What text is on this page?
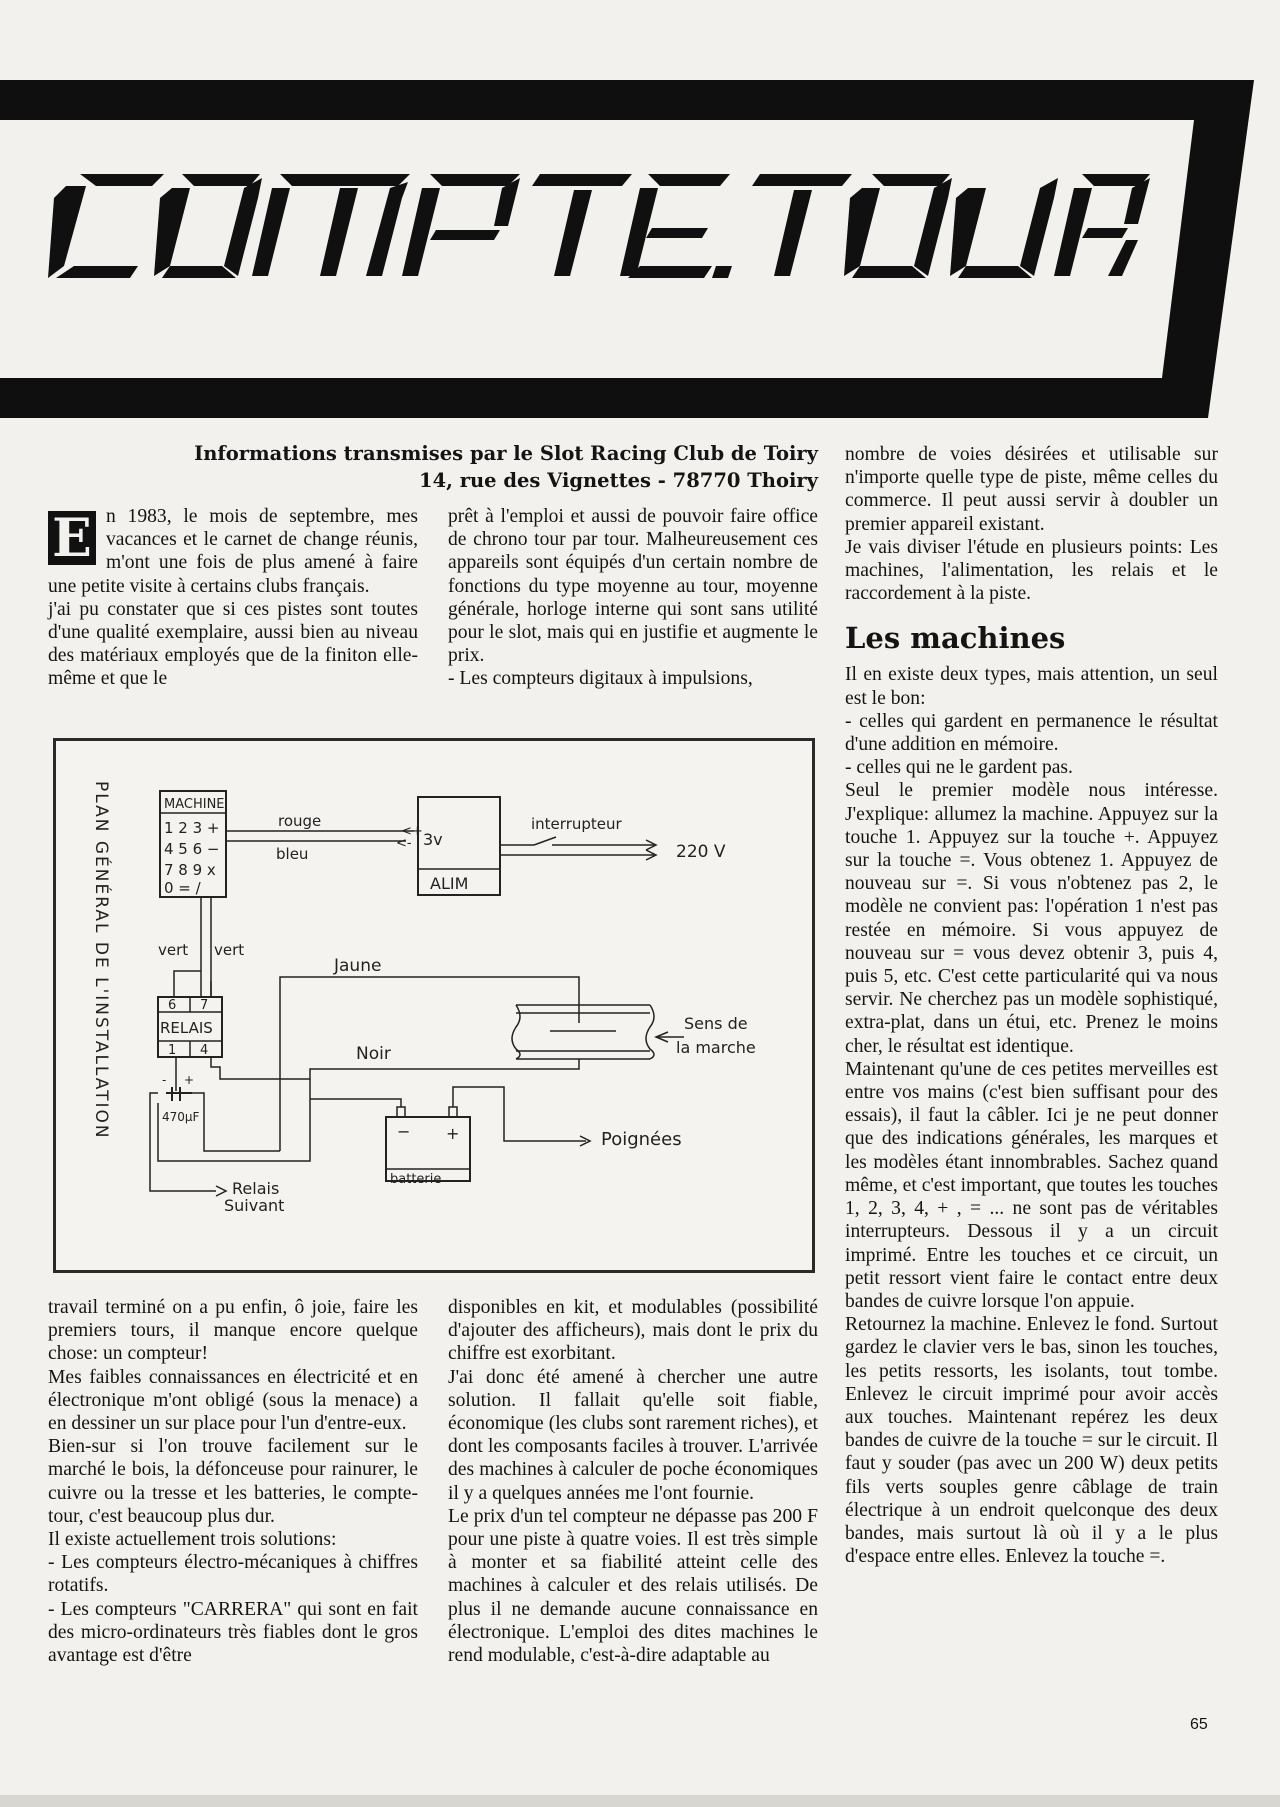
Informations transmises par le Slot Racing Club de Toiry
14, rue des Vignettes - 78770 Thoiry
E n 1983, le mois de septembre, mes vacances et le carnet de change réunis, m'ont une fois de plus amené à faire une petite visite à certains clubs français.

j'ai pu constater que si ces pistes sont toutes d'une qualité exemplaire, aussi bien au niveau des matériaux employés que de la finiton elle-même et que le

prêt à l'emploi et aussi de pouvoir faire office de chrono tour par tour. Malheureusement ces appareils sont équipés d'un certain nombre de fonctions du type moyenne au tour, moyenne générale, horloge interne qui sont sans utilité pour le slot, mais qui en justifie et augmente le prix.

- Les compteurs digitaux à impulsions,

nombre de voies désirées et utilisable sur n'importe quelle type de piste, même celles du commerce. Il peut aussi servir à doubler un premier appareil existant.

Je vais diviser l'étude en plusieurs points: Les machines, l'alimentation, les relais et le raccordement à la piste.

Les machines

Il en existe deux types, mais attention, un seul est le bon:

- celles qui gardent en permanence le résultat d'une addition en mémoire.

- celles qui ne le gardent pas.

Seul le premier modèle nous intéresse. J'explique: allumez la machine. Appuyez sur la touche 1. Appuyez sur la touche +. Appuyez sur la touche =. Vous obtenez 1. Appuyez de nouveau sur =. Si vous n'obtenez pas 2, le modèle ne convient pas: l'opération 1 n'est pas restée en mémoire. Si vous appuyez de nouveau sur = vous devez obtenir 3, puis 4, puis 5, etc. C'est cette particularité qui va nous servir. Ne cherchez pas un modèle sophistiqué, extra-plat, dans un étui, etc. Prenez le moins cher, le résultat est identique.

Maintenant qu'une de ces petites merveilles est entre vos mains (c'est bien suffisant pour des essais), il faut la câbler. Ici je ne peut donner que des indications générales, les marques et les modèles étant innombrables. Sachez quand même, et c'est important, que toutes les touches 1, 2, 3, 4, + , = ... ne sont pas de véritables interrupteurs. Dessous il y a un circuit imprimé. Entre les touches et ce circuit, un petit ressort vient faire le contact entre deux bandes de cuivre lorsque l'on appuie.

Retournez la machine. Enlevez le fond. Surtout gardez le clavier vers le bas, sinon les touches, les petits ressorts, les isolants, tout tombe. Enlevez le circuit imprimé pour avoir accès aux touches. Maintenant repérez les deux bandes de cuivre de la touche = sur le circuit. Il faut y souder (pas avec un 200 W) deux petits fils verts souples genre câblage de train électrique à un endroit quelconque des deux bandes, mais surtout là où il y a le plus d'espace entre elles. Enlevez la touche =.

PLAN GÉNÉRAL DE L'INSTALLATION	MACHINE
1 2 3 +
4 5 6 −
7 8 9 x
0 = /
rouge
bleu
<+
<- 3v
ALIM
interrupteur
220 V
vert vert
6 7
RELAIS
1 4
Jaune
Sens de
la marche
Noir
- +
470µF
Relais
Suivant
− +
batterie
Poignées

travail terminé on a pu enfin, ô joie, faire les premiers tours, il manque encore quelque chose: un compteur!

Mes faibles connaissances en électricité et en électronique m'ont obligé (sous la menace) a en dessiner un sur place pour l'un d'entre-eux.

Bien-sur si l'on trouve facilement sur le marché le bois, la défonceuse pour rainurer, le cuivre ou la tresse et les batteries, le compte-tour, c'est beaucoup plus dur.

Il existe actuellement trois solutions:

- Les compteurs électro-mécaniques à chiffres rotatifs.

- Les compteurs "CARRERA" qui sont en fait des micro-ordinateurs très fiables dont le gros avantage est d'être

disponibles en kit, et modulables (possibilité d'ajouter des afficheurs), mais dont le prix du chiffre est exorbitant.

J'ai donc été amené à chercher une autre solution. Il fallait qu'elle soit fiable, économique (les clubs sont rarement riches), et dont les composants faciles à trouver. L'arrivée des machines à calculer de poche économiques il y a quelques années me l'ont fournie.

Le prix d'un tel compteur ne dépasse pas 200 F pour une piste à quatre voies. Il est très simple à monter et sa fiabilité atteint celle des machines à calculer et des relais utilisés. De plus il ne demande aucune connaissance en électronique. L'emploi des dites machines le rend modulable, c'est-à-dire adaptable au

65
